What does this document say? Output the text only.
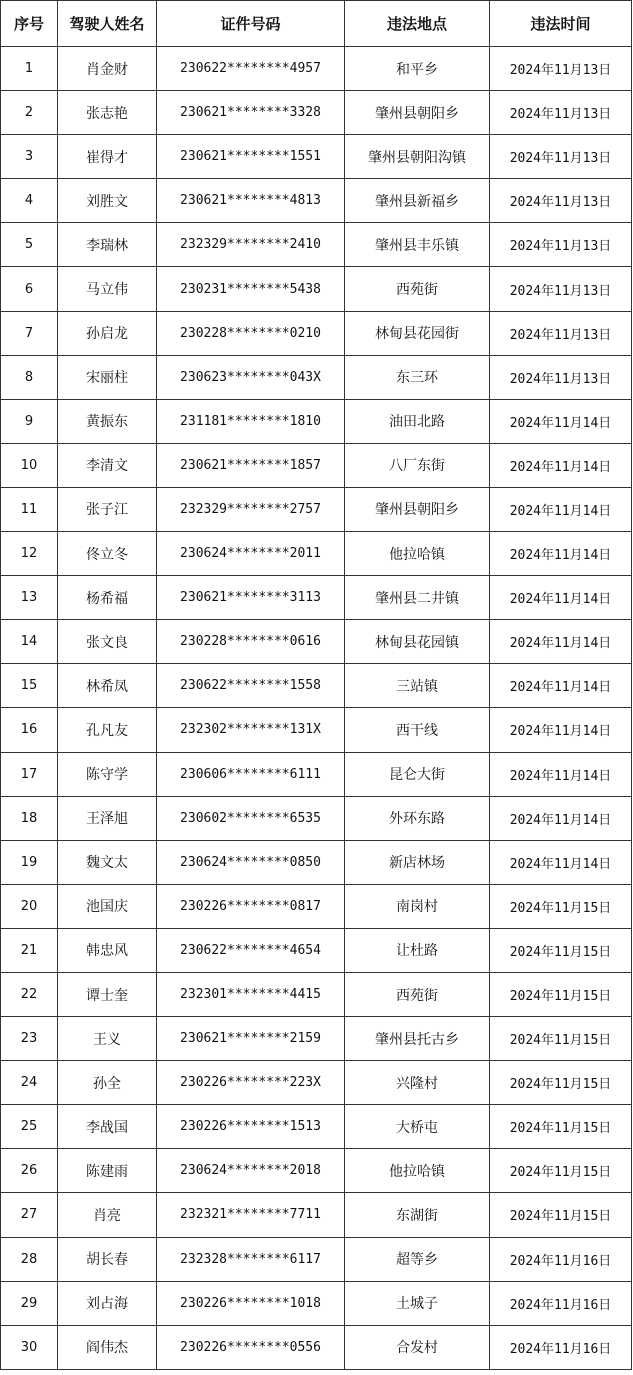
序号	驾驶人姓名	证件号码	违法地点	违法时间
1	肖金财	230622********4957	和平乡	2024年11月13日
2	张志艳	230621********3328	肇州县朝阳乡	2024年11月13日
3	崔得才	230621********1551	肇州县朝阳沟镇	2024年11月13日
4	刘胜文	230621********4813	肇州县新福乡	2024年11月13日
5	李瑞林	232329********2410	肇州县丰乐镇	2024年11月13日
6	马立伟	230231********5438	西苑街	2024年11月13日
7	孙启龙	230228********0210	林甸县花园街	2024年11月13日
8	宋丽柱	230623********043X	东三环	2024年11月13日
9	黄振东	231181********1810	油田北路	2024年11月14日
10	李清文	230621********1857	八厂东街	2024年11月14日
11	张子江	232329********2757	肇州县朝阳乡	2024年11月14日
12	佟立冬	230624********2011	他拉哈镇	2024年11月14日
13	杨希福	230621********3113	肇州县二井镇	2024年11月14日
14	张文良	230228********0616	林甸县花园镇	2024年11月14日
15	林希凤	230622********1558	三站镇	2024年11月14日
16	孔凡友	232302********131X	西干线	2024年11月14日
17	陈守学	230606********6111	昆仑大街	2024年11月14日
18	王泽旭	230602********6535	外环东路	2024年11月14日
19	魏文太	230624********0850	新店林场	2024年11月14日
20	池国庆	230226********0817	南岗村	2024年11月15日
21	韩忠风	230622********4654	让杜路	2024年11月15日
22	谭士奎	232301********4415	西苑街	2024年11月15日
23	王义	230621********2159	肇州县托古乡	2024年11月15日
24	孙全	230226********223X	兴隆村	2024年11月15日
25	李战国	230226********1513	大桥屯	2024年11月15日
26	陈建雨	230624********2018	他拉哈镇	2024年11月15日
27	肖亮	232321********7711	东湖街	2024年11月15日
28	胡长春	232328********6117	超等乡	2024年11月16日
29	刘占海	230226********1018	土城子	2024年11月16日
30	阎伟杰	230226********0556	合发村	2024年11月16日
